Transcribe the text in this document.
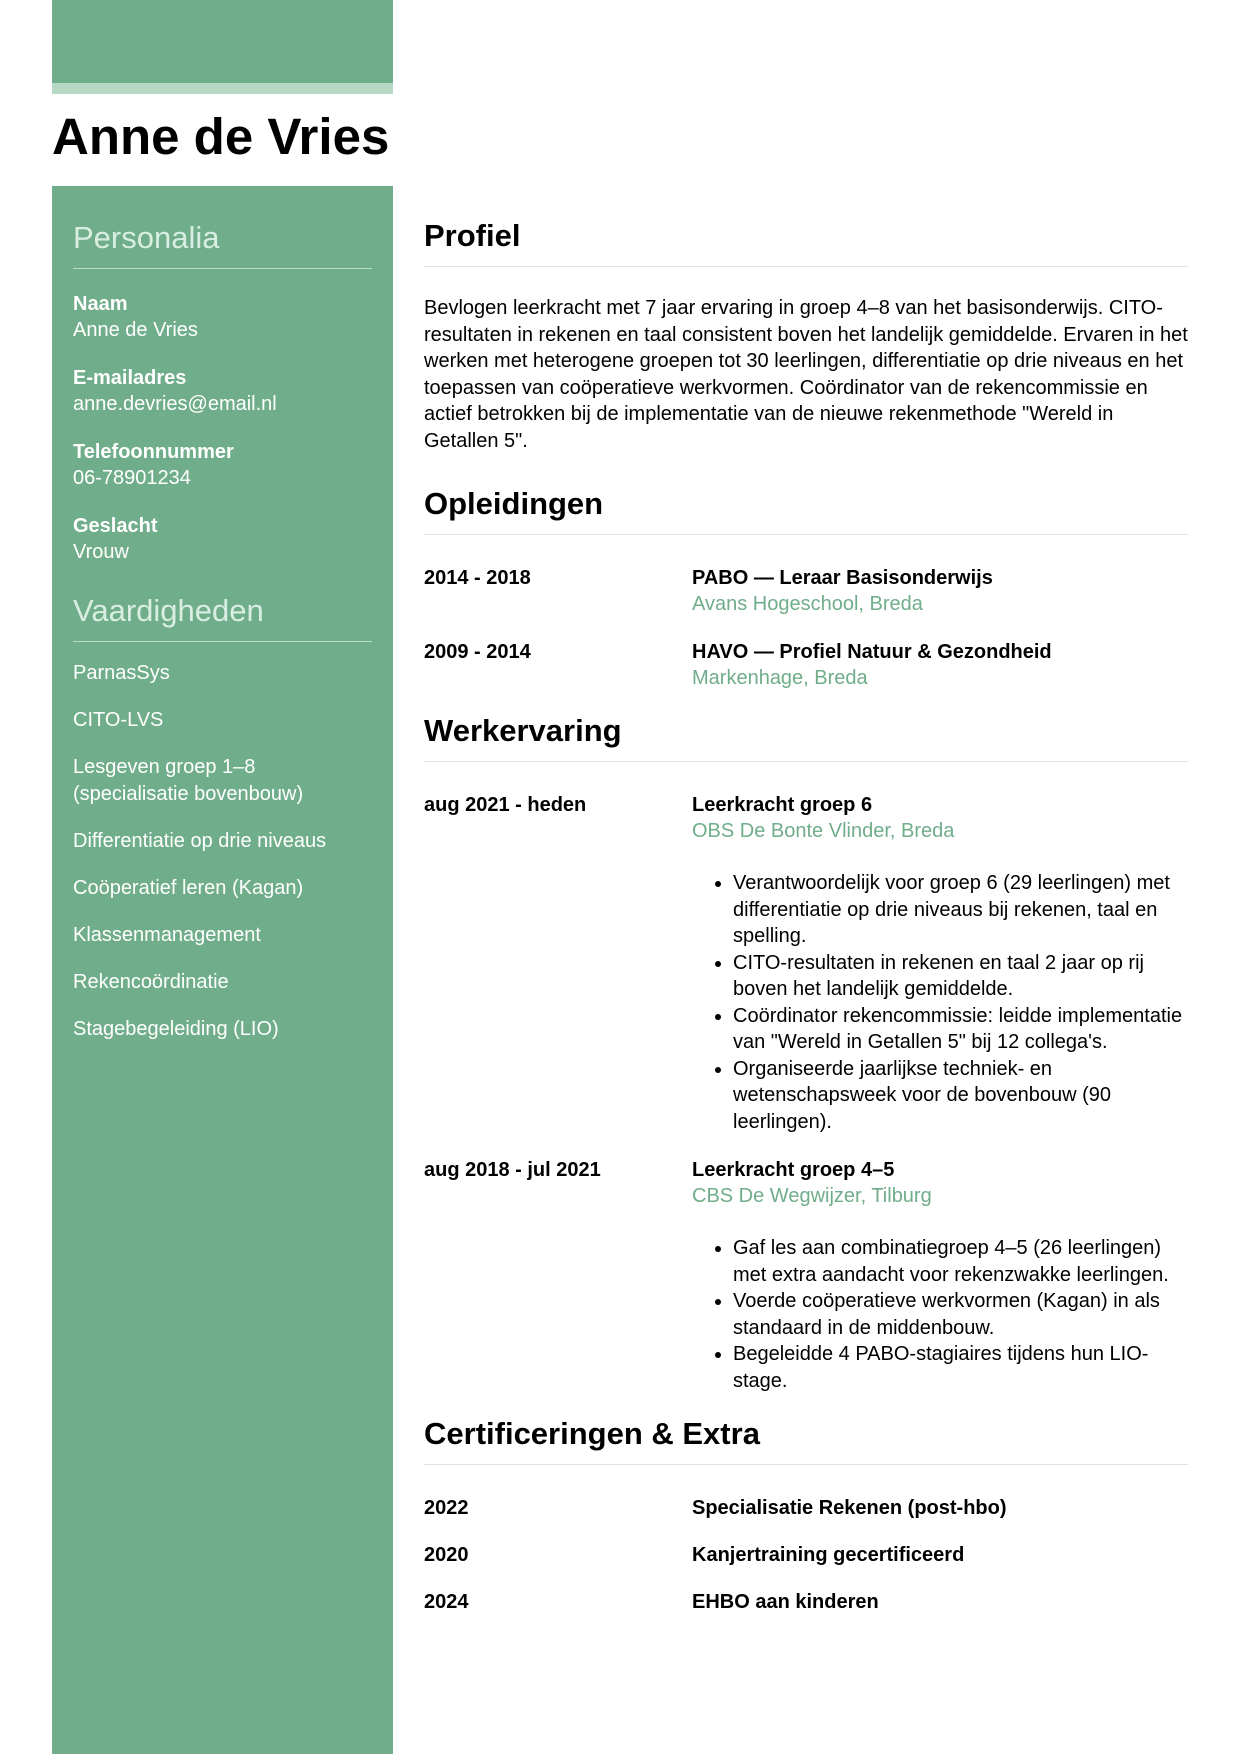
Anne de Vries
Personalia
Naam
Anne de Vries
E-mailadres
anne.devries@email.nl
Telefoonnummer
06-78901234
Geslacht
Vrouw
Vaardigheden
ParnasSys
CITO-LVS
Lesgeven groep 1–8 (specialisatie bovenbouw)
Differentiatie op drie niveaus
Coöperatief leren (Kagan)
Klassenmanagement
Rekencoördinatie
Stagebegeleiding (LIO)
Profiel

Bevlogen leerkracht met 7 jaar ervaring in groep 4–8 van het basisonderwijs. CITO-resultaten in rekenen en taal consistent boven het landelijk gemiddelde. Ervaren in het werken met heterogene groepen tot 30 leerlingen, differentiatie op drie niveaus en het toepassen van coöperatieve werkvormen. Coördinator van de rekencommissie en actief betrokken bij de implementatie van de nieuwe rekenmethode "Wereld in Getallen 5".

Opleidingen
2014 - 2018	PABO — Leraar Basisonderwijs
Avans Hogeschool, Breda
2009 - 2014	HAVO — Profiel Natuur & Gezondheid
Markenhage, Breda
Werkervaring
aug 2021 - heden	Leerkracht groep 6
OBS De Bonte Vlinder, Breda
• Verantwoordelijk voor groep 6 (29 leerlingen) met differentiatie op drie niveaus bij rekenen, taal en spelling.
• CITO-resultaten in rekenen en taal 2 jaar op rij boven het landelijk gemiddelde.
• Coördinator rekencommissie: leidde implementatie van "Wereld in Getallen 5" bij 12 collega's.
• Organiseerde jaarlijkse techniek- en wetenschapsweek voor de bovenbouw (90 leerlingen).
aug 2018 - jul 2021	Leerkracht groep 4–5
CBS De Wegwijzer, Tilburg
• Gaf les aan combinatiegroep 4–5 (26 leerlingen) met extra aandacht voor rekenzwakke leerlingen.
• Voerde coöperatieve werkvormen (Kagan) in als standaard in de middenbouw.
• Begeleidde 4 PABO-stagiaires tijdens hun LIO-stage.
Certificeringen & Extra
2022	Specialisatie Rekenen (post-hbo)
2020	Kanjertraining gecertificeerd
2024	EHBO aan kinderen
